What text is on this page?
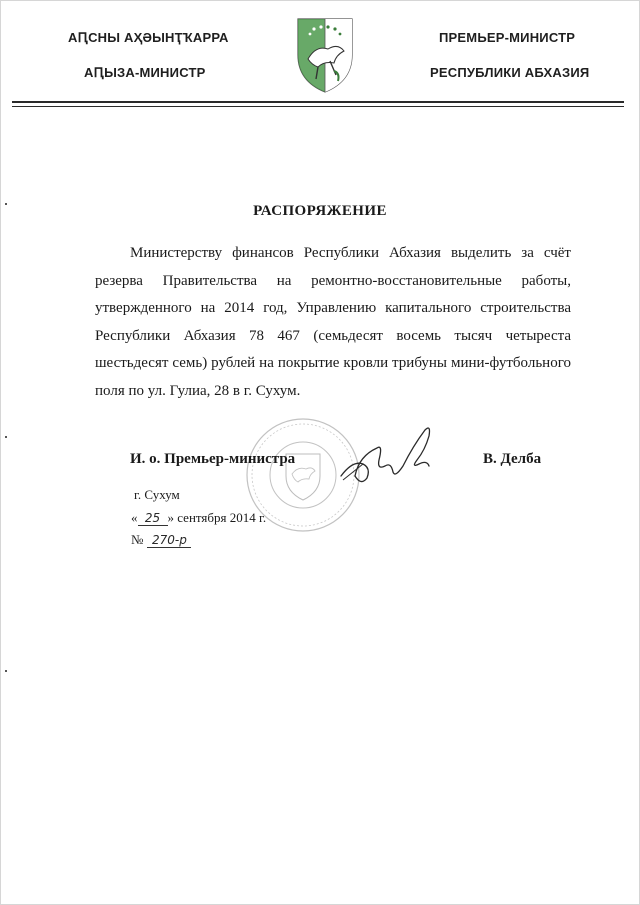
АԤСНЫ АҲӘЫНҬҠАРРА
АԤЫЗА-МИНИСТР
ПРЕМЬЕР-МИНИСТР
РЕСПУБЛИКИ АБХАЗИЯ
РАСПОРЯЖЕНИЕ

Министерству финансов Республики Абхазия выделить за счёт резерва Правительства на ремонтно-восстановительные работы, утвержденного на 2014 год, Управлению капитального строительства Республики Абхазия 78 467 (семьдесят восемь тысяч четыреста шестьдесят семь) рублей на покрытие кровли трибуны мини-футбольного поля по ул. Гулиа, 28 в г. Сухум.

И. о. Премьер-министра	В. Делба
г. Сухум
« 25 » сентября 2014 г.
№ 270-р
